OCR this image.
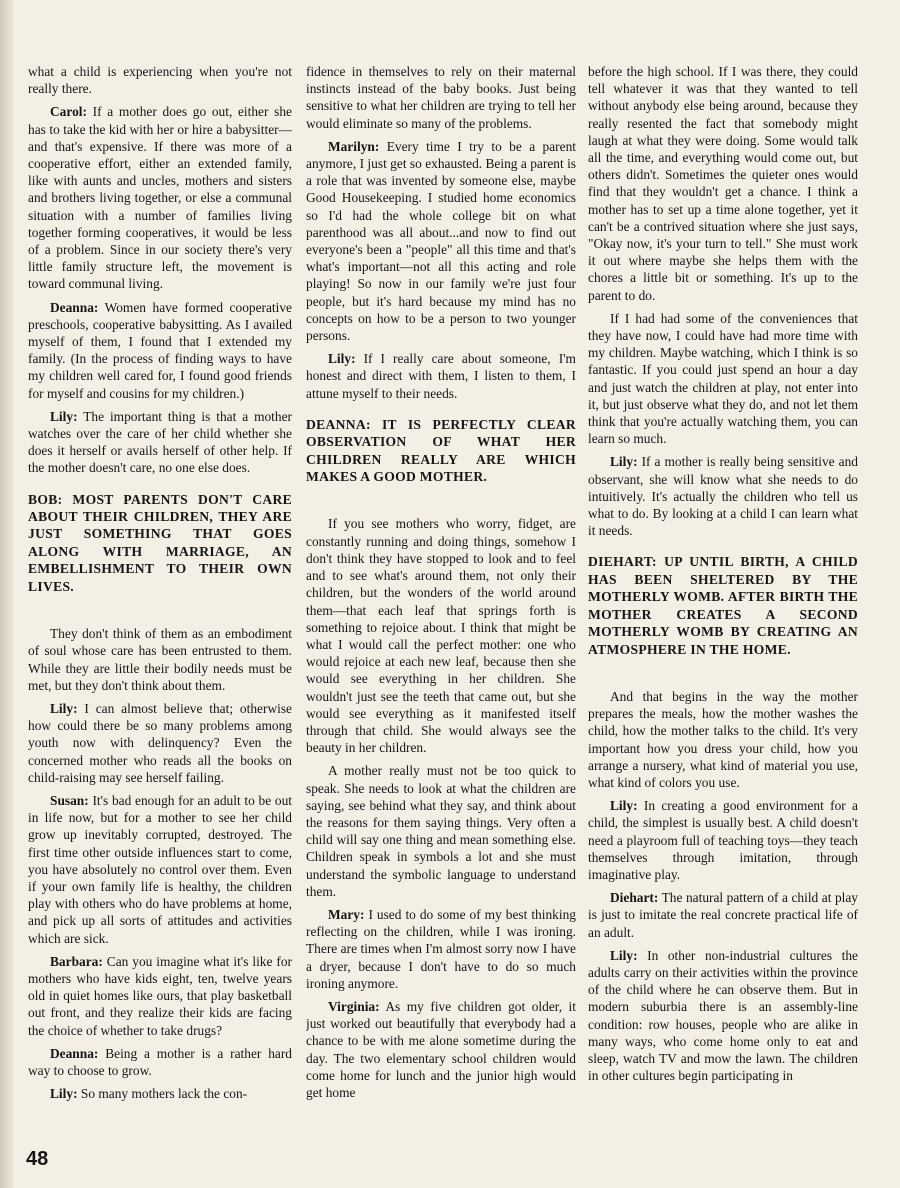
what a child is experiencing when you're not really there.

Carol: If a mother does go out, either she has to take the kid with her or hire a babysitter—and that's expensive. If there was more of a cooperative effort, either an extended family, like with aunts and uncles, mothers and sisters and brothers living together, or else a communal situation with a number of families living together forming cooperatives, it would be less of a problem. Since in our society there's very little family structure left, the movement is toward communal living.

Deanna: Women have formed cooperative preschools, cooperative babysitting. As I availed myself of them, I found that I extended my family. (In the process of finding ways to have my children well cared for, I found good friends for myself and cousins for my children.)

Lily: The important thing is that a mother watches over the care of her child whether she does it herself or avails herself of other help. If the mother doesn't care, no one else does.

BOB: MOST PARENTS DON'T CARE ABOUT THEIR CHILDREN, THEY ARE JUST SOMETHING THAT GOES ALONG WITH MARRIAGE, AN EMBELLISHMENT TO THEIR OWN LIVES.

They don't think of them as an embodiment of soul whose care has been entrusted to them. While they are little their bodily needs must be met, but they don't think about them.

Lily: I can almost believe that; otherwise how could there be so many problems among youth now with delinquency? Even the concerned mother who reads all the books on child-raising may see herself failing.

Susan: It's bad enough for an adult to be out in life now, but for a mother to see her child grow up inevitably corrupted, destroyed. The first time other outside influences start to come, you have absolutely no control over them. Even if your own family life is healthy, the children play with others who do have problems at home, and pick up all sorts of attitudes and activities which are sick.

Barbara: Can you imagine what it's like for mothers who have kids eight, ten, twelve years old in quiet homes like ours, that play basketball out front, and they realize their kids are facing the choice of whether to take drugs?

Deanna: Being a mother is a rather hard way to choose to grow.

Lily: So many mothers lack the con-

fidence in themselves to rely on their maternal instincts instead of the baby books. Just being sensitive to what her children are trying to tell her would eliminate so many of the problems.

Marilyn: Every time I try to be a parent anymore, I just get so exhausted. Being a parent is a role that was invented by someone else, maybe Good Housekeeping. I studied home economics so I'd had the whole college bit on what parenthood was all about...and now to find out everyone's been a "people" all this time and that's what's important—not all this acting and role playing! So now in our family we're just four people, but it's hard because my mind has no concepts on how to be a person to two younger persons.

Lily: If I really care about someone, I'm honest and direct with them, I listen to them, I attune myself to their needs.

DEANNA: IT IS PERFECTLY CLEAR OBSERVATION OF WHAT HER CHILDREN REALLY ARE WHICH MAKES A GOOD MOTHER.

If you see mothers who worry, fidget, are constantly running and doing things, somehow I don't think they have stopped to look and to feel and to see what's around them, not only their children, but the wonders of the world around them—that each leaf that springs forth is something to rejoice about. I think that might be what I would call the perfect mother: one who would rejoice at each new leaf, because then she would see everything in her children. She wouldn't just see the teeth that came out, but she would see everything as it manifested itself through that child. She would always see the beauty in her children.

A mother really must not be too quick to speak. She needs to look at what the children are saying, see behind what they say, and think about the reasons for them saying things. Very often a child will say one thing and mean something else. Children speak in symbols a lot and she must understand the symbolic language to understand them.

Mary: I used to do some of my best thinking reflecting on the children, while I was ironing. There are times when I'm almost sorry now I have a dryer, because I don't have to do so much ironing anymore.

Virginia: As my five children got older, it just worked out beautifully that everybody had a chance to be with me alone sometime during the day. The two elementary school children would come home for lunch and the junior high would get home

before the high school. If I was there, they could tell whatever it was that they wanted to tell without anybody else being around, because they really resented the fact that somebody might laugh at what they were doing. Some would talk all the time, and everything would come out, but others didn't. Sometimes the quieter ones would find that they wouldn't get a chance. I think a mother has to set up a time alone together, yet it can't be a contrived situation where she just says, "Okay now, it's your turn to tell." She must work it out where maybe she helps them with the chores a little bit or something. It's up to the parent to do.

If I had had some of the conveniences that they have now, I could have had more time with my children. Maybe watching, which I think is so fantastic. If you could just spend an hour a day and just watch the children at play, not enter into it, but just observe what they do, and not let them think that you're actually watching them, you can learn so much.

Lily: If a mother is really being sensitive and observant, she will know what she needs to do intuitively. It's actually the children who tell us what to do. By looking at a child I can learn what it needs.

DIEHART: UP UNTIL BIRTH, A CHILD HAS BEEN SHELTERED BY THE MOTHERLY WOMB. AFTER BIRTH THE MOTHER CREATES A SECOND MOTHERLY WOMB BY CREATING AN ATMOSPHERE IN THE HOME.

And that begins in the way the mother prepares the meals, how the mother washes the child, how the mother talks to the child. It's very important how you dress your child, how you arrange a nursery, what kind of material you use, what kind of colors you use.

Lily: In creating a good environment for a child, the simplest is usually best. A child doesn't need a playroom full of teaching toys—they teach themselves through imitation, through imaginative play.

Diehart: The natural pattern of a child at play is just to imitate the real concrete practical life of an adult.

Lily: In other non-industrial cultures the adults carry on their activities within the province of the child where he can observe them. But in modern suburbia there is an assembly-line condition: row houses, people who are alike in many ways, who come home only to eat and sleep, watch TV and mow the lawn. The children in other cultures begin participating in

48
